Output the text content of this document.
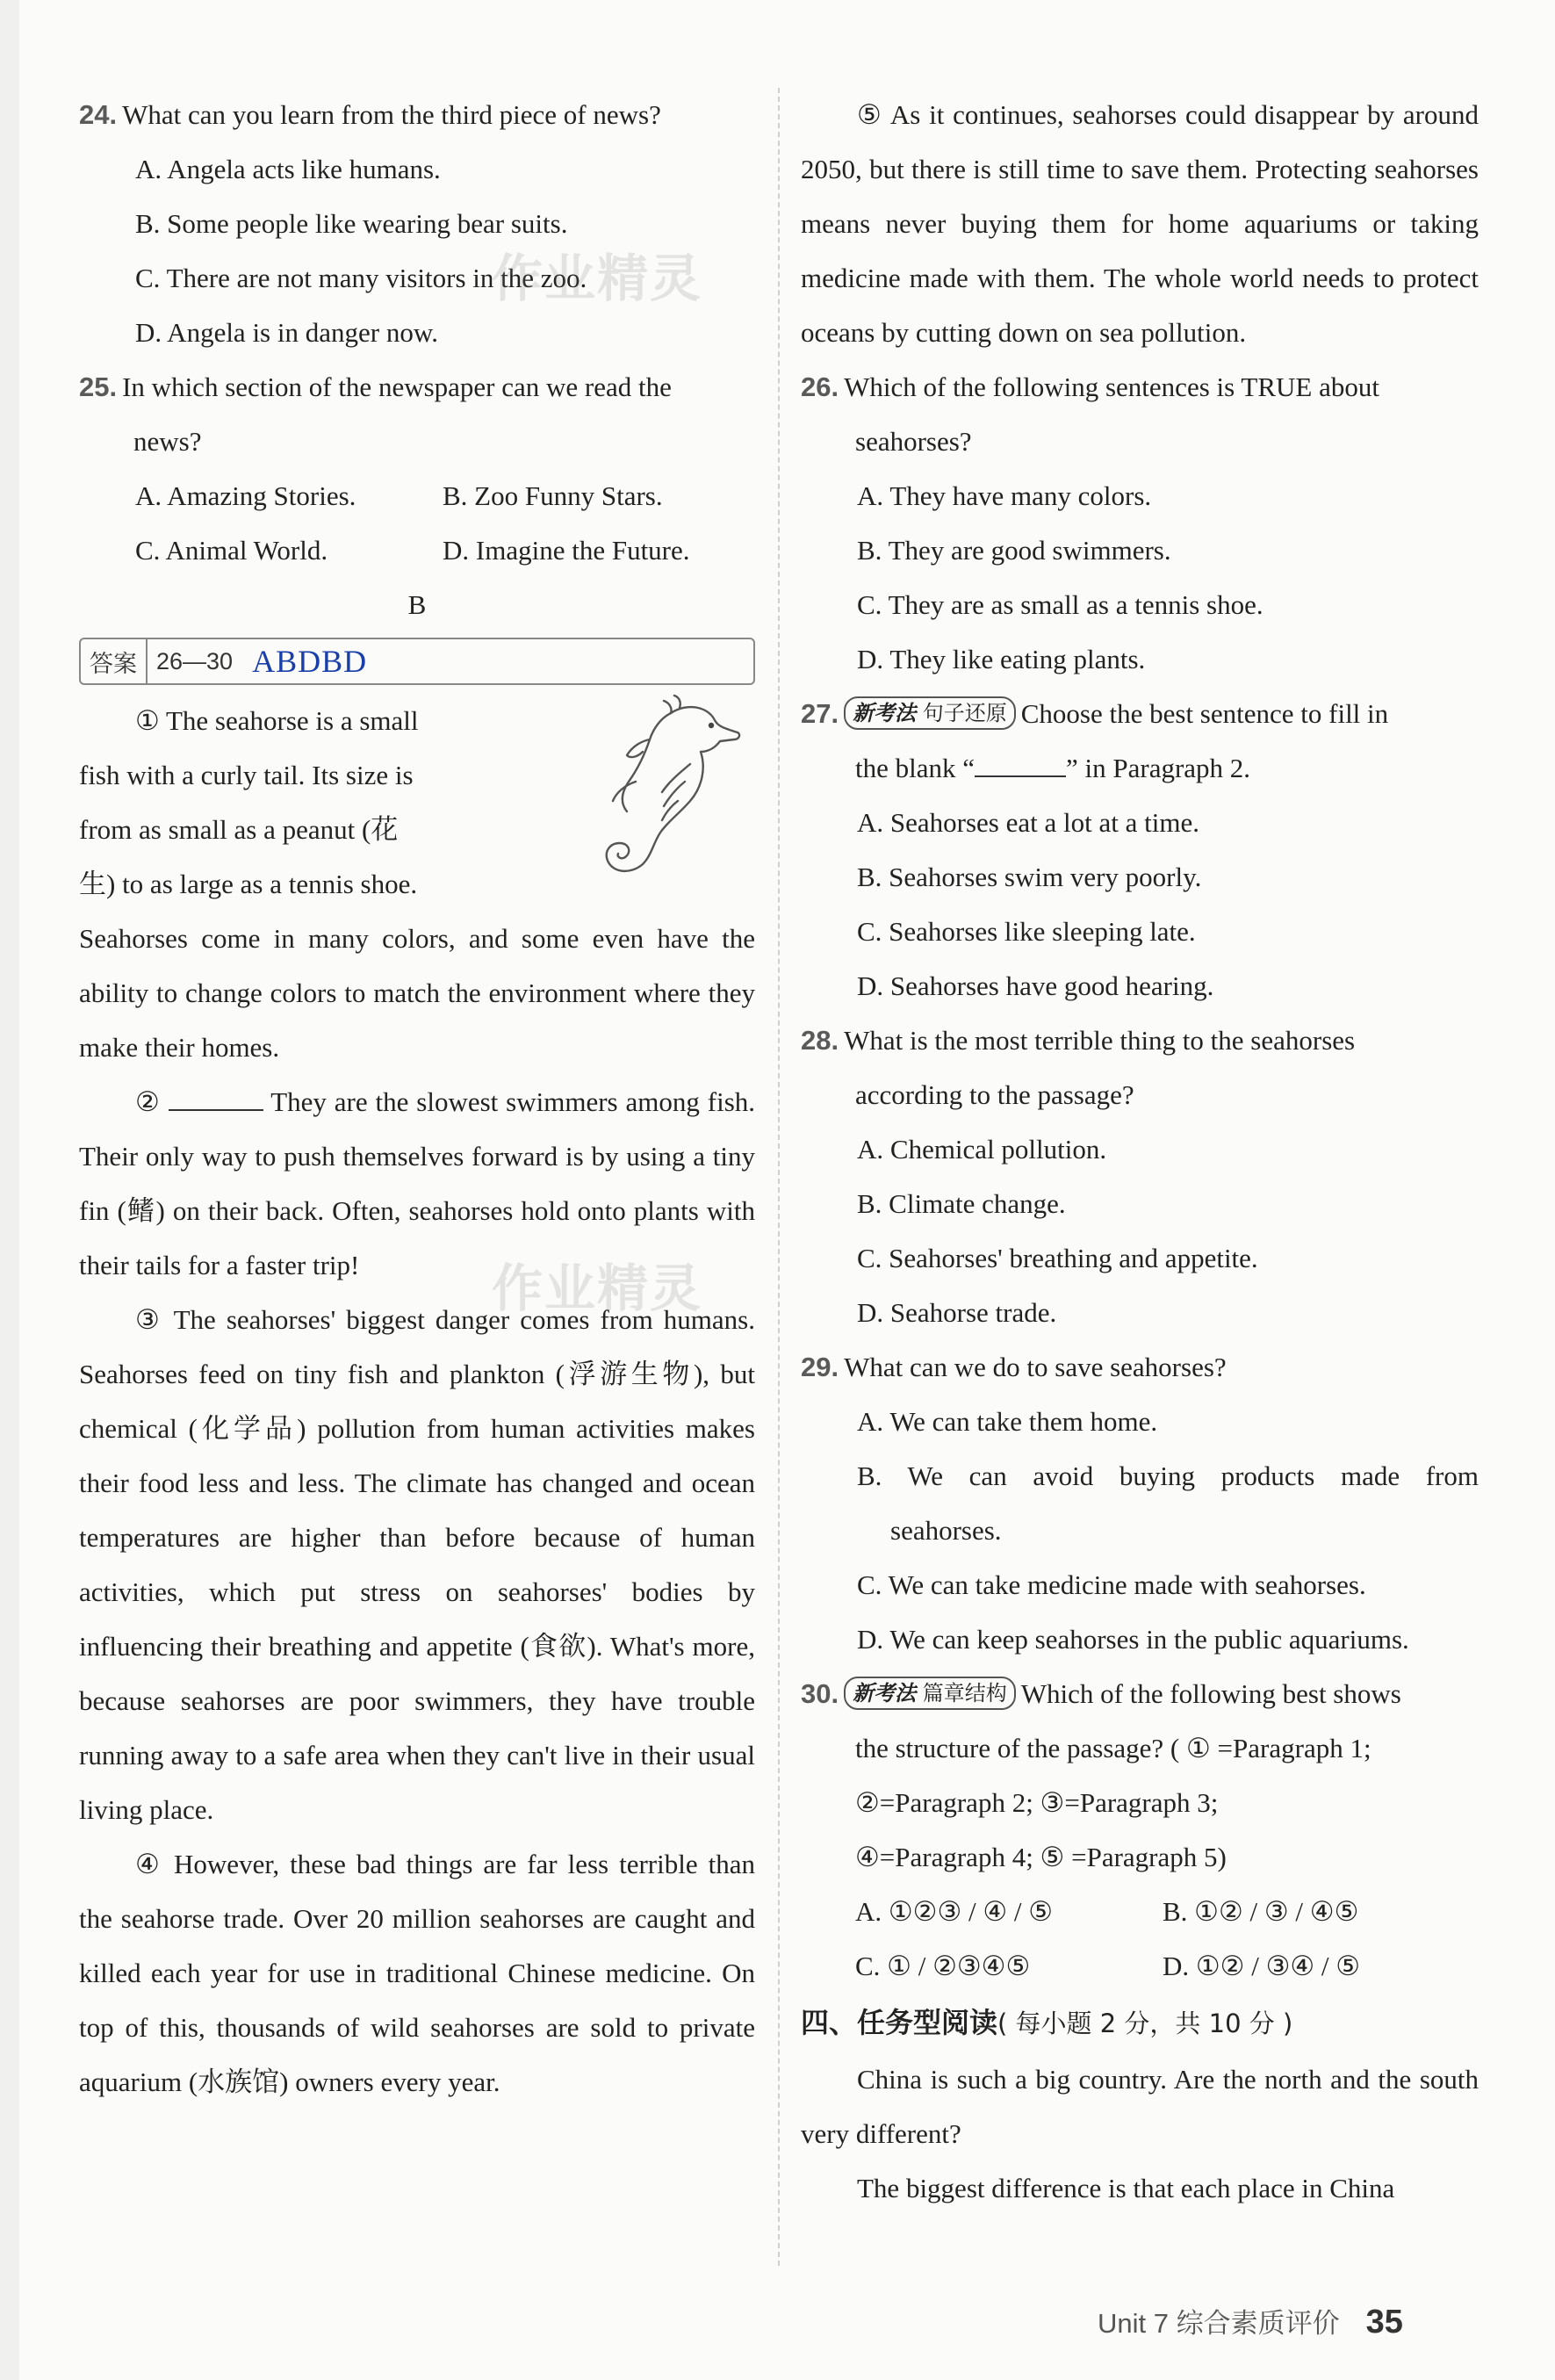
24. What can you learn from the third piece of news?

A. Angela acts like humans.

B. Some people like wearing bear suits.

C. There are not many visitors in the zoo.

D. Angela is in danger now.

25. In which section of the newspaper can we read the

news?

A. Amazing Stories.	B. Zoo Funny Stars.
C. Animal World.	D. Imagine the Future.

B

答案 26—30 ABDBD

① The seahorse is a small

fish with a curly tail. Its size is

from as small as a peanut (花

生) to as large as a tennis shoe.

Seahorses come in many colors, and some even have the ability to change colors to match the environment where they make their homes.

②	They are the slowest swimmers among fish. Their only way to push themselves forward is by using a tiny fin (鳍) on their back. Often, seahorses hold onto plants with their tails for a faster trip!

③ The seahorses' biggest danger comes from humans. Seahorses feed on tiny fish and plankton (浮游生物), but chemical (化学品) pollution from human activities makes their food less and less. The climate has changed and ocean temperatures are higher than before because of human activities, which put stress on seahorses' bodies by influencing their breathing and appetite (食欲). What's more, because seahorses are poor swimmers, they have trouble running away to a safe area when they can't live in their usual living place.

④ However, these bad things are far less terrible than the seahorse trade. Over 20 million seahorses are caught and killed each year for use in traditional Chinese medicine. On top of this, thousands of wild seahorses are sold to private aquarium (水族馆) owners every year.

⑤ As it continues, seahorses could disappear by around 2050, but there is still time to save them. Protecting seahorses means never buying them for home aquariums or taking medicine made with them. The whole world needs to protect oceans by cutting down on sea pollution.

26. Which of the following sentences is TRUE about

seahorses?

A. They have many colors.

B. They are good swimmers.

C. They are as small as a tennis shoe.

D. They like eating plants.

27. 新考法 句子还原 Choose the best sentence to fill in

the blank “	” in Paragraph 2.

A. Seahorses eat a lot at a time.

B. Seahorses swim very poorly.

C. Seahorses like sleeping late.

D. Seahorses have good hearing.

28. What is the most terrible thing to the seahorses

according to the passage?

A. Chemical pollution.

B. Climate change.

C. Seahorses' breathing and appetite.

D. Seahorse trade.

29. What can we do to save seahorses?

A. We can take them home.

B. We can avoid buying products made from

seahorses.

C. We can take medicine made with seahorses.

D. We can keep seahorses in the public aquariums.

30. 新考法 篇章结构 Which of the following best shows

the structure of the passage? ( ① =Paragraph 1;

②=Paragraph 2; ③=Paragraph 3;

④=Paragraph 4; ⑤ =Paragraph 5)

A. ①②③ / ④ / ⑤	B. ①② / ③ / ④⑤
C. ① / ②③④⑤	D. ①② / ③④ / ⑤

四、任务型阅读( 每小题 2 分，共 10 分 )

China is such a big country. Are the north and the south very different?

The biggest difference is that each place in China

作业精灵
作业精灵
Unit 7 综合素质评价 35
